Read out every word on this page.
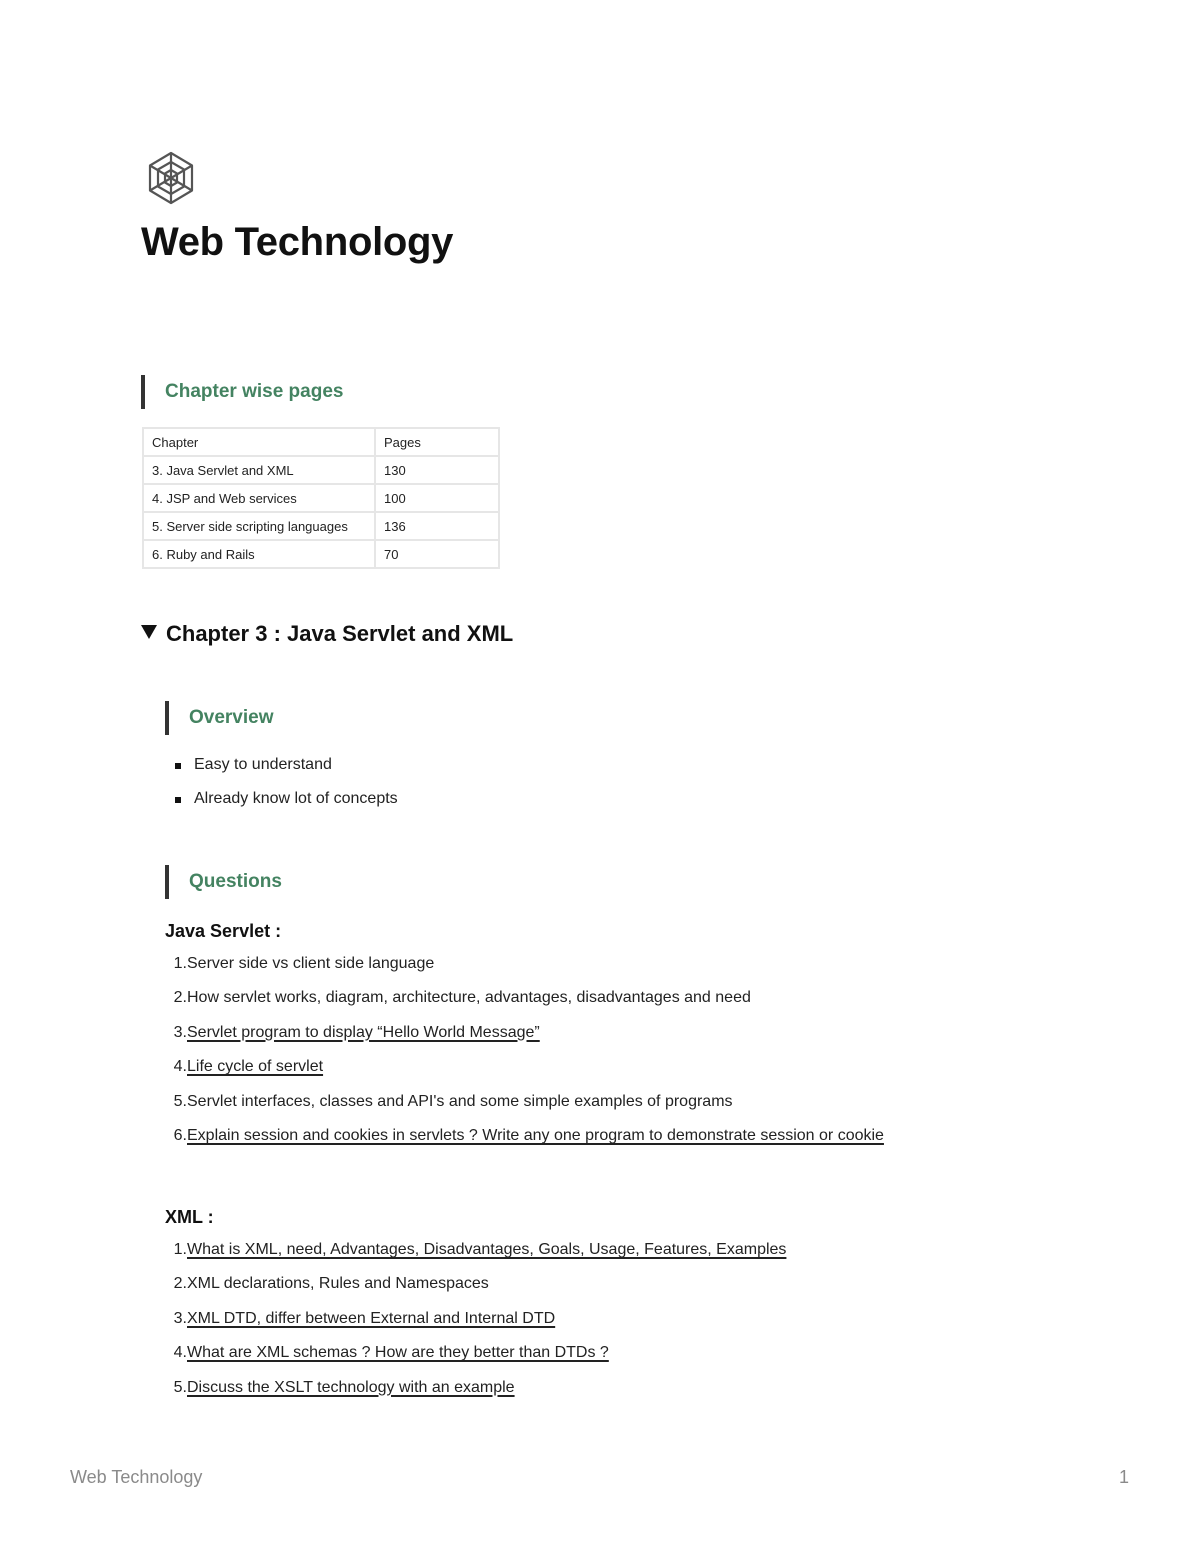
Web Technology
Chapter wise pages
Chapter	Pages
3. Java Servlet and XML	130
4. JSP and Web services	100
5. Server side scripting languages	136
6. Ruby and Rails	70
Chapter 3 : Java Servlet and XML
Overview
Easy to understand
Already know lot of concepts
Questions
Java Servlet :
1. Server side vs client side language
2. How servlet works, diagram, architecture, advantages, disadvantages and need
3. Servlet program to display “Hello World Message”
4. Life cycle of servlet
5. Servlet interfaces, classes and API's and some simple examples of programs
6. Explain session and cookies in servlets ? Write any one program to demonstrate session or cookie
XML :
1. What is XML, need, Advantages, Disadvantages, Goals, Usage, Features, Examples
2. XML declarations, Rules and Namespaces
3. XML DTD, differ between External and Internal DTD
4. What are XML schemas ? How are they better than DTDs ?
5. Discuss the XSLT technology with an example
Web Technology	1
